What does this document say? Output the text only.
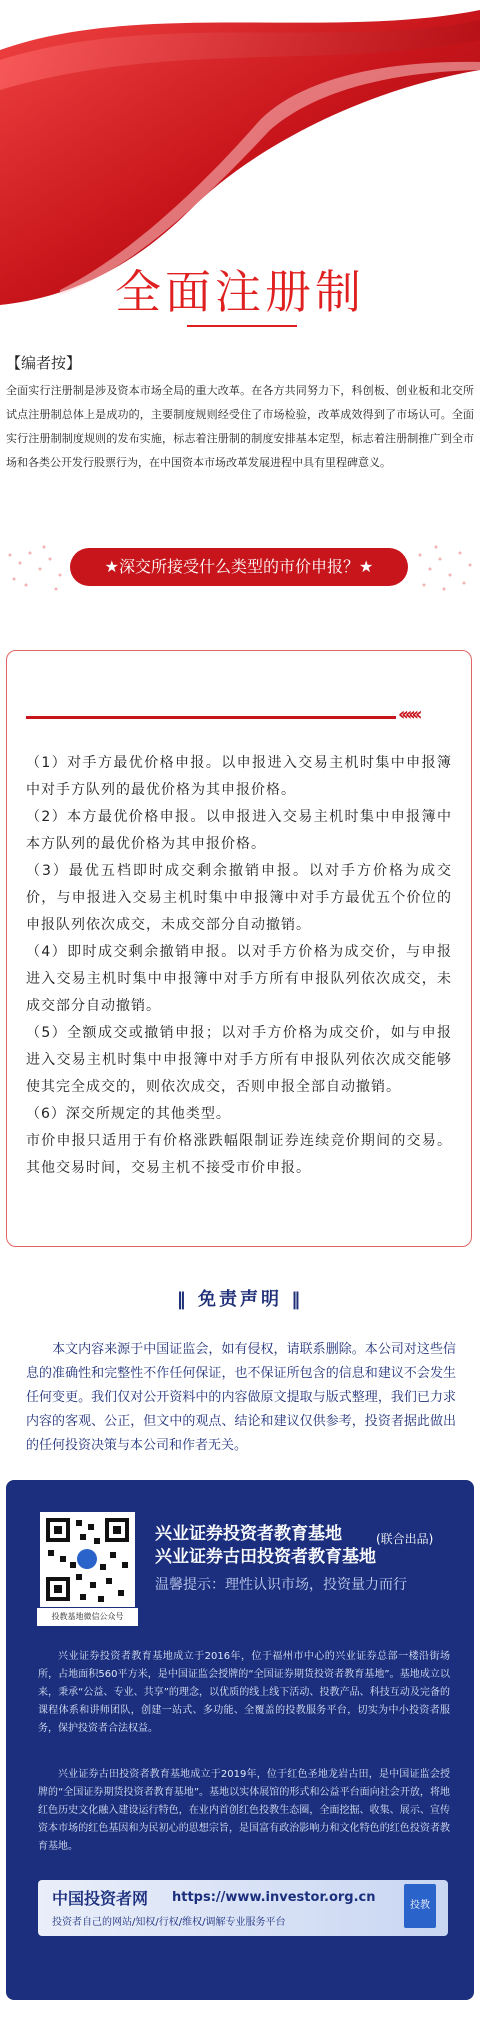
全面注册制
【编者按】
全面实行注册制是涉及资本市场全局的重大改革。在各方共同努力下，科创板、创业板和北交所试点注册制总体上是成功的，主要制度规则经受住了市场检验，改革成效得到了市场认可。全面实行注册制制度规则的发布实施，标志着注册制的制度安排基本定型，标志着注册制推广到全市场和各类公开发行股票行为，在中国资本市场改革发展进程中具有里程碑意义。
★深交所接受什么类型的市价申报？★
‹‹‹‹‹‹

（1）对手方最优价格申报。以申报进入交易主机时集中申报簿中对手方队列的最优价格为其申报价格。

（2）本方最优价格申报。以申报进入交易主机时集中申报簿中本方队列的最优价格为其申报价格。

（3）最优五档即时成交剩余撤销申报。以对手方价格为成交价，与申报进入交易主机时集中申报簿中对手方最优五个价位的申报队列依次成交，未成交部分自动撤销。

（4）即时成交剩余撤销申报。以对手方价格为成交价，与申报进入交易主机时集中申报簿中对手方所有申报队列依次成交，未成交部分自动撤销。

（5）全额成交或撤销申报；以对手方价格为成交价，如与申报进入交易主机时集中申报簿中对手方所有申报队列依次成交能够使其完全成交的，则依次成交，否则申报全部自动撤销。

（6）深交所规定的其他类型。

市价申报只适用于有价格涨跌幅限制证券连续竞价期间的交易。其他交易时间，交易主机不接受市价申报。

‖ 免责声明 ‖
本文内容来源于中国证监会，如有侵权，请联系删除。本公司对这些信息的准确性和完整性不作任何保证，也不保证所包含的信息和建议不会发生任何变更。我们仅对公开资料中的内容做原文提取与版式整理，我们已力求内容的客观、公正，但文中的观点、结论和建议仅供参考，投资者据此做出的任何投资决策与本公司和作者无关。
投教基地微信公众号
兴业证券投资者教育基地
兴业证券古田投资者教育基地
(联合出品)
温馨提示：理性认识市场，投资量力而行
兴业证券投资者教育基地成立于2016年，位于福州市中心的兴业证券总部一楼沿街场所，占地面积560平方米，是中国证监会授牌的“全国证券期货投资者教育基地”。基地成立以来，秉承“公益、专业、共享”的理念，以优质的线上线下活动、投教产品、科技互动及完备的课程体系和讲师团队，创建一站式、多功能、全覆盖的投教服务平台，切实为中小投资者服务，保护投资者合法权益。
兴业证券古田投资者教育基地成立于2019年，位于红色圣地龙岩古田，是中国证监会授牌的“全国证券期货投资者教育基地”。基地以实体展馆的形式和公益平台面向社会开放，将地红色历史文化融入建设运行特色，在业内首创红色投教生态圈，全面挖掘、收集、展示、宣传资本市场的红色基因和为民初心的思想宗旨，是国富有政治影响力和文化特色的红色投资者教育基地。
中国投资者网 https://www.investor.org.cn
投资者自己的网站/知权/行权/维权/调解专业服务平台
投教
